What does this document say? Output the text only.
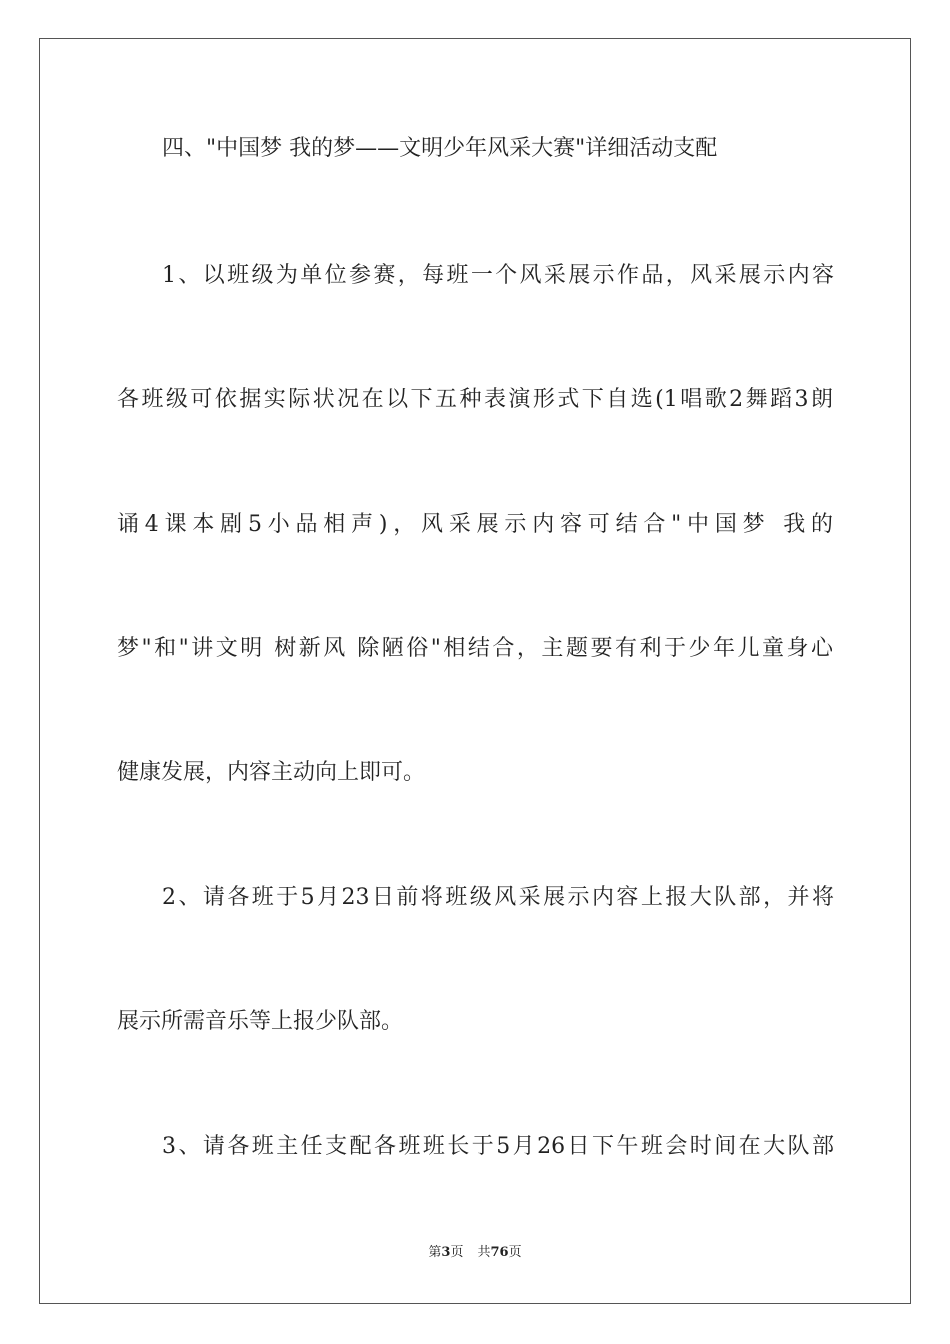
四、"中国梦 我的梦——文明少年风采大赛"详细活动支配
1、以班级为单位参赛，每班一个风采展示作品，风采展示内容
各班级可依据实际状况在以下五种表演形式下自选(1唱歌2舞蹈3朗
诵4课本剧5小品相声)，风采展示内容可结合"中国梦 我的
梦"和"讲文明 树新风 除陋俗"相结合，主题要有利于少年儿童身心
健康发展，内容主动向上即可。
2、请各班于5月23日前将班级风采展示内容上报大队部，并将
展示所需音乐等上报少队部。
3、请各班主任支配各班班长于5月26日下午班会时间在大队部
第3页 共76页
